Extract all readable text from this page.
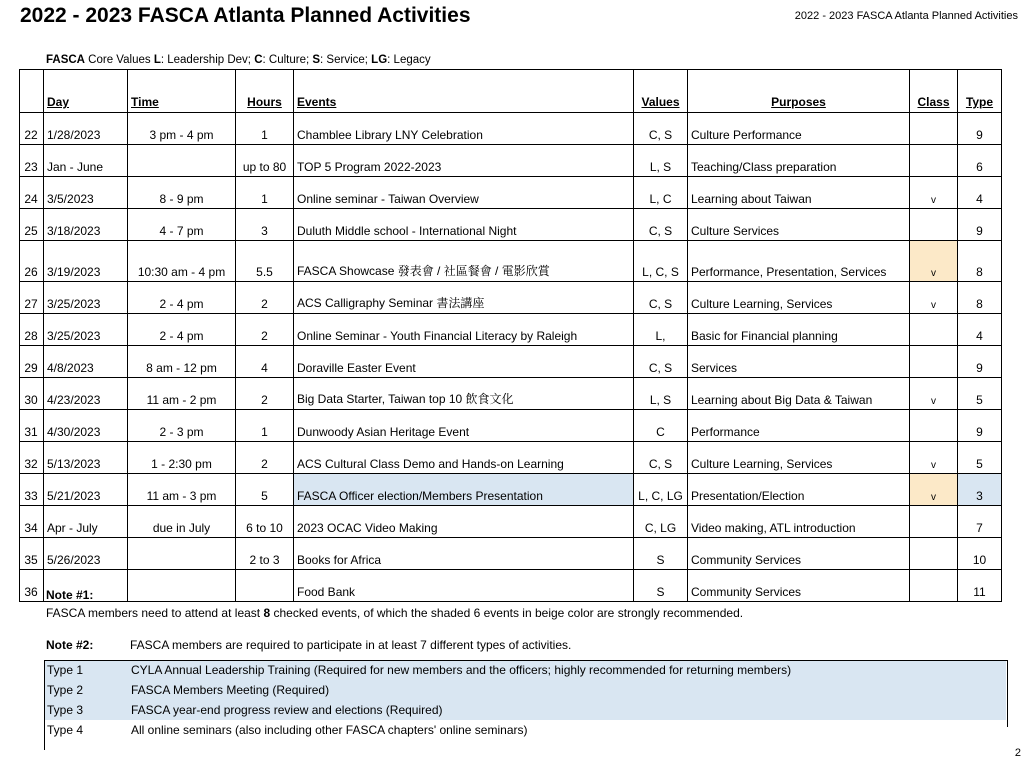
2022 - 2023 FASCA Atlanta Planned Activities	2022 - 2023 FASCA Atlanta Planned Activities
FASCA Core Values L: Leadership Dev; C: Culture; S: Service; LG: Legacy
	Day	Time	Hours	Events	Values	Purposes	Class	Type
22	1/28/2023	3 pm - 4 pm	1	Chamblee Library LNY Celebration	C, S	Culture Performance		9
23	Jan - June		up to 80	TOP 5 Program 2022-2023	L, S	Teaching/Class preparation		6
24	3/5/2023	8 - 9 pm	1	Online seminar - Taiwan Overview	L, C	Learning about Taiwan	v	4
25	3/18/2023	4 - 7 pm	3	Duluth Middle school - International Night	C, S	Culture Services		9
26	3/19/2023	10:30 am - 4 pm	5.5	FASCA Showcase 發表會 / 社區餐會 / 電影欣賞	L, C, S	Performance, Presentation, Services	v	8
27	3/25/2023	2 - 4 pm	2	ACS Calligraphy Seminar 書法講座	C, S	Culture Learning, Services	v	8
28	3/25/2023	2 - 4 pm	2	Online Seminar - Youth Financial Literacy by Raleigh	L,	Basic for Financial planning		4
29	4/8/2023	8 am - 12 pm	4	Doraville Easter Event	C, S	Services		9
30	4/23/2023	11 am - 2 pm	2	Big Data Starter, Taiwan top 10 飲食文化	L, S	Learning about Big Data & Taiwan	v	5
31	4/30/2023	2 - 3 pm	1	Dunwoody Asian Heritage Event	C	Performance		9
32	5/13/2023	1 - 2:30 pm	2	ACS Cultural Class Demo and Hands-on Learning	C, S	Culture Learning, Services	v	5
33	5/21/2023	11 am - 3 pm	5	FASCA Officer election/Members Presentation	L, C, LG	Presentation/Election	v	3
34	Apr - July	due in July	6 to 10	2023 OCAC Video Making	C, LG	Video making, ATL introduction		7
35	5/26/2023		2 to 3	Books for Africa	S	Community Services		10
36				Food Bank	S	Community Services		11
Note #1:
FASCA members need to attend at least 8 checked events, of which the shaded 6 events in beige color are strongly recommended.
Note #2:	FASCA members are required to participate in at least 7 different types of activities.
Type 1	CYLA Annual Leadership Training (Required for new members and the officers; highly recommended for returning members)
Type 2	FASCA Members Meeting (Required)
Type 3	FASCA year-end progress review and elections (Required)
Type 4	All online seminars (also including other FASCA chapters' online seminars)
2
